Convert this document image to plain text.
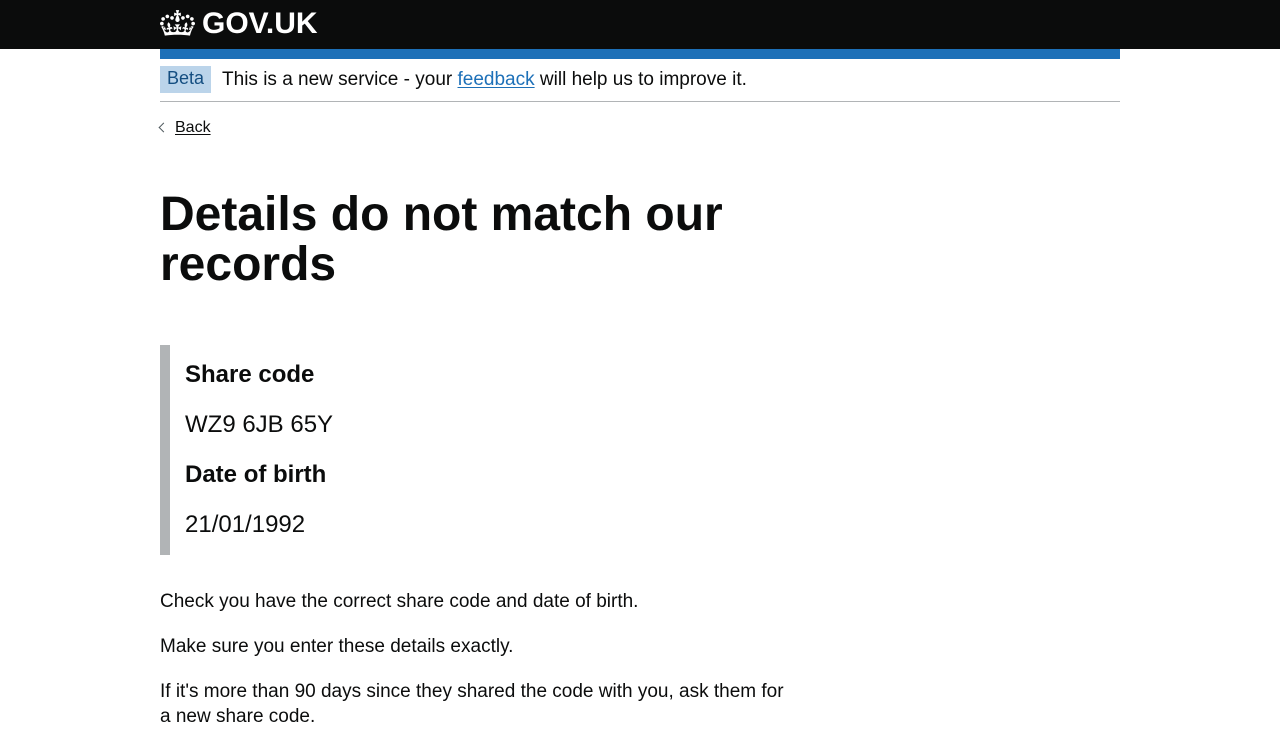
GOV.UK
Beta This is a new service - your feedback will help us to improve it.
Back
Details do not match our records
Share code

WZ9 6JB 65Y

Date of birth

21/01/1992

Check you have the correct share code and date of birth.

Make sure you enter these details exactly.

If it's more than 90 days since they shared the code with you, ask them for a new share code.
